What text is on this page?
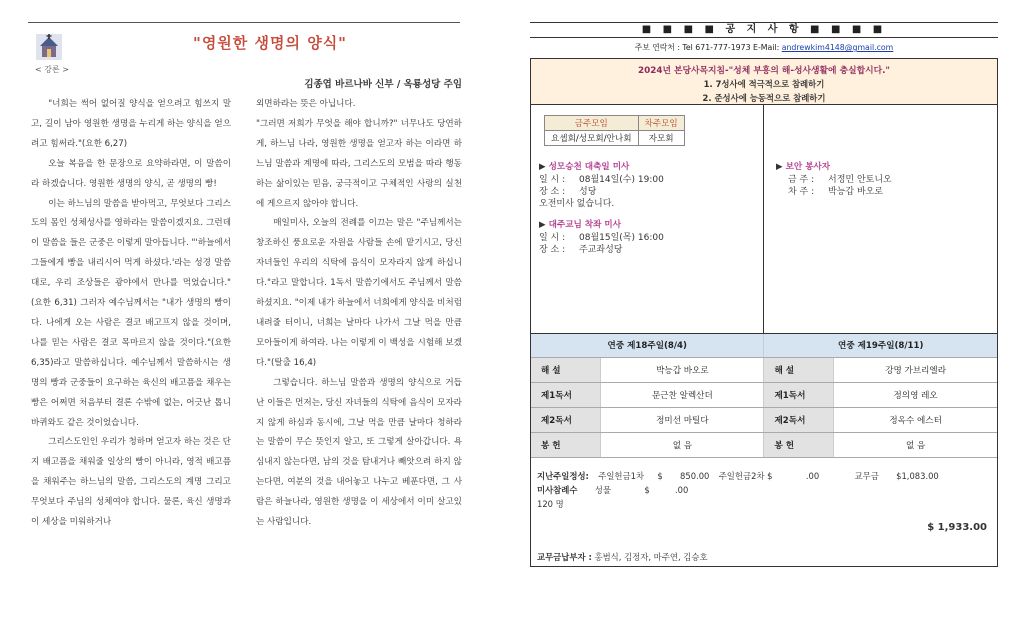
< 강론 >
"영원한 생명의 양식"
김종엽 바르나바 신부 / 옥룡성당 주임

"너희는 썩어 없어질 양식을 얻으려고 힘쓰지 말고, 길이 남아 영원한 생명을 누리게 하는 양식을 얻으려고 힘써라."(요한 6,27)

오늘 복음을 한 문장으로 요약하라면, 이 말씀이라 하겠습니다. 영원한 생명의 양식, 곧 생명의 빵!

이는 하느님의 말씀을 받아먹고, 무엇보다 그리스도의 몸인 성체성사를 영하라는 말씀이겠지요. 그런데 이 말씀을 들은 군중은 이렇게 말아듭니다. "'하늘에서 그들에게 빵을 내리시어 먹게 하셨다.'라는 성경 말씀대로, 우리 조상들은 광야에서 만나를 먹었습니다."(요한 6,31) 그러자 예수님께서는 "내가 생명의 빵이다. 나에게 오는 사람은 결코 배고프지 않을 것이며, 나를 믿는 사람은 결코 목마르지 않을 것이다."(요한 6,35)라고 말씀하십니다. 예수님께서 말씀하시는 생명의 빵과 군중들이 요구하는 육신의 배고픔을 채우는 빵은 어쩌면 처음부터 결론 수밖에 없는, 어긋난 톱니바퀴와도 같은 것이었습니다.

그리스도인인 우리가 청하며 얻고자 하는 것은 단지 배고픔을 채워줄 일상의 빵이 아니라, 영적 배고픔을 채워주는 하느님의 말씀, 그리스도의 계명 그리고 무엇보다 주님의 성체여야 합니다. 물론, 육신 생명과 이 세상을 미워하거나

외면하라는 뜻은 아닙니다.

"그러면 저희가 무엇을 해야 합니까?" 너무나도 당연하게, 하느님 나라, 영원한 생명을 얻고자 하는 이라면 하느님 말씀과 계명에 따라, 그리스도의 모범을 따라 행동하는 삶이있는 믿음, 궁극적이고 구체적인 사랑의 실천에 게으르지 않아야 합니다.

매일미사, 오늘의 전례를 이끄는 말은 "주님께서는 창조하신 풍요로운 자원을 사람들 손에 맡기시고, 당신 자녀들인 우리의 식탁에 음식이 모자라지 않게 하십니다."라고 말합니다. 1독서 말씀기에서도 주님께서 말씀하셨지요. "이제 내가 하늘에서 너희에게 양식을 비처럼 내려줄 터이니, 너희는 날마다 나가서 그날 먹을 만큼 모아들이게 하여라. 나는 이렇게 이 백성을 시험해 보겠다."(탈출 16,4)

그렇습니다. 하느님 말씀과 생명의 양식으로 거듭난 이들은 먼저는, 당신 자녀들의 식탁에 음식이 모자라지 않게 하심과 동시에, 그날 먹을 만큼 날마다 청하라는 말씀이 무슨 뜻인지 알고, 또 그렇게 살아갑니다. 욕심내지 않는다면, 남의 것을 탐내거나 빼앗으려 하지 않는다면, 여분의 것을 내어놓고 나누고 베푼다면, 그 사람은 하늘나라, 영원한 생명을 이 세상에서 이미 살고있는 사람입니다.

■ ■ ■ ■ 공 지 사 항 ■ ■ ■ ■
주보 연락처 : Tel 671-777-1973 E-Mail: andrewkim4148@gmail.com
2024년 본당사목지침-"성체 부흥의 해-성사생활에 충실합시다."
1. 7성사에 적극적으로 참례하기
2. 준성사에 능동적으로 참례하기
금주모임	차주모임
요셉회/성모회/안나회	자모회
▶ 성모승천 대축일 미사
일 시 : 08월14일(수) 19:00
장 소 : 성당
오전미사 없습니다.
▶ 대주교님 착좌 미사
일 시 : 08월15일(목) 16:00
장 소 : 주교좌성당
▶ 보안 봉사자
금 주 : 서정민 안토니오
차 주 : 박능갑 바오로
연중 제18주일(8/4)		연중 제19주일(8/11)	
해 설	박능갑 바오로	해 설	강명 가브리엘라
제1독서	문근찬 알렉산더	제1독서	정의영 레오
제2독서	정미선 마틸다	제2독서	정옥수 에스터
봉 헌	없 음	봉 헌	없 음
지난주일정성: 주일헌금1차 $ 850.00 주일헌금2차 $	.00	교무금 $1,083.00
미사참례수 성물	$	.00
120 명
$ 1,933.00
교무금납부자 : 홍범식, 김정자, 마주연, 김승호
